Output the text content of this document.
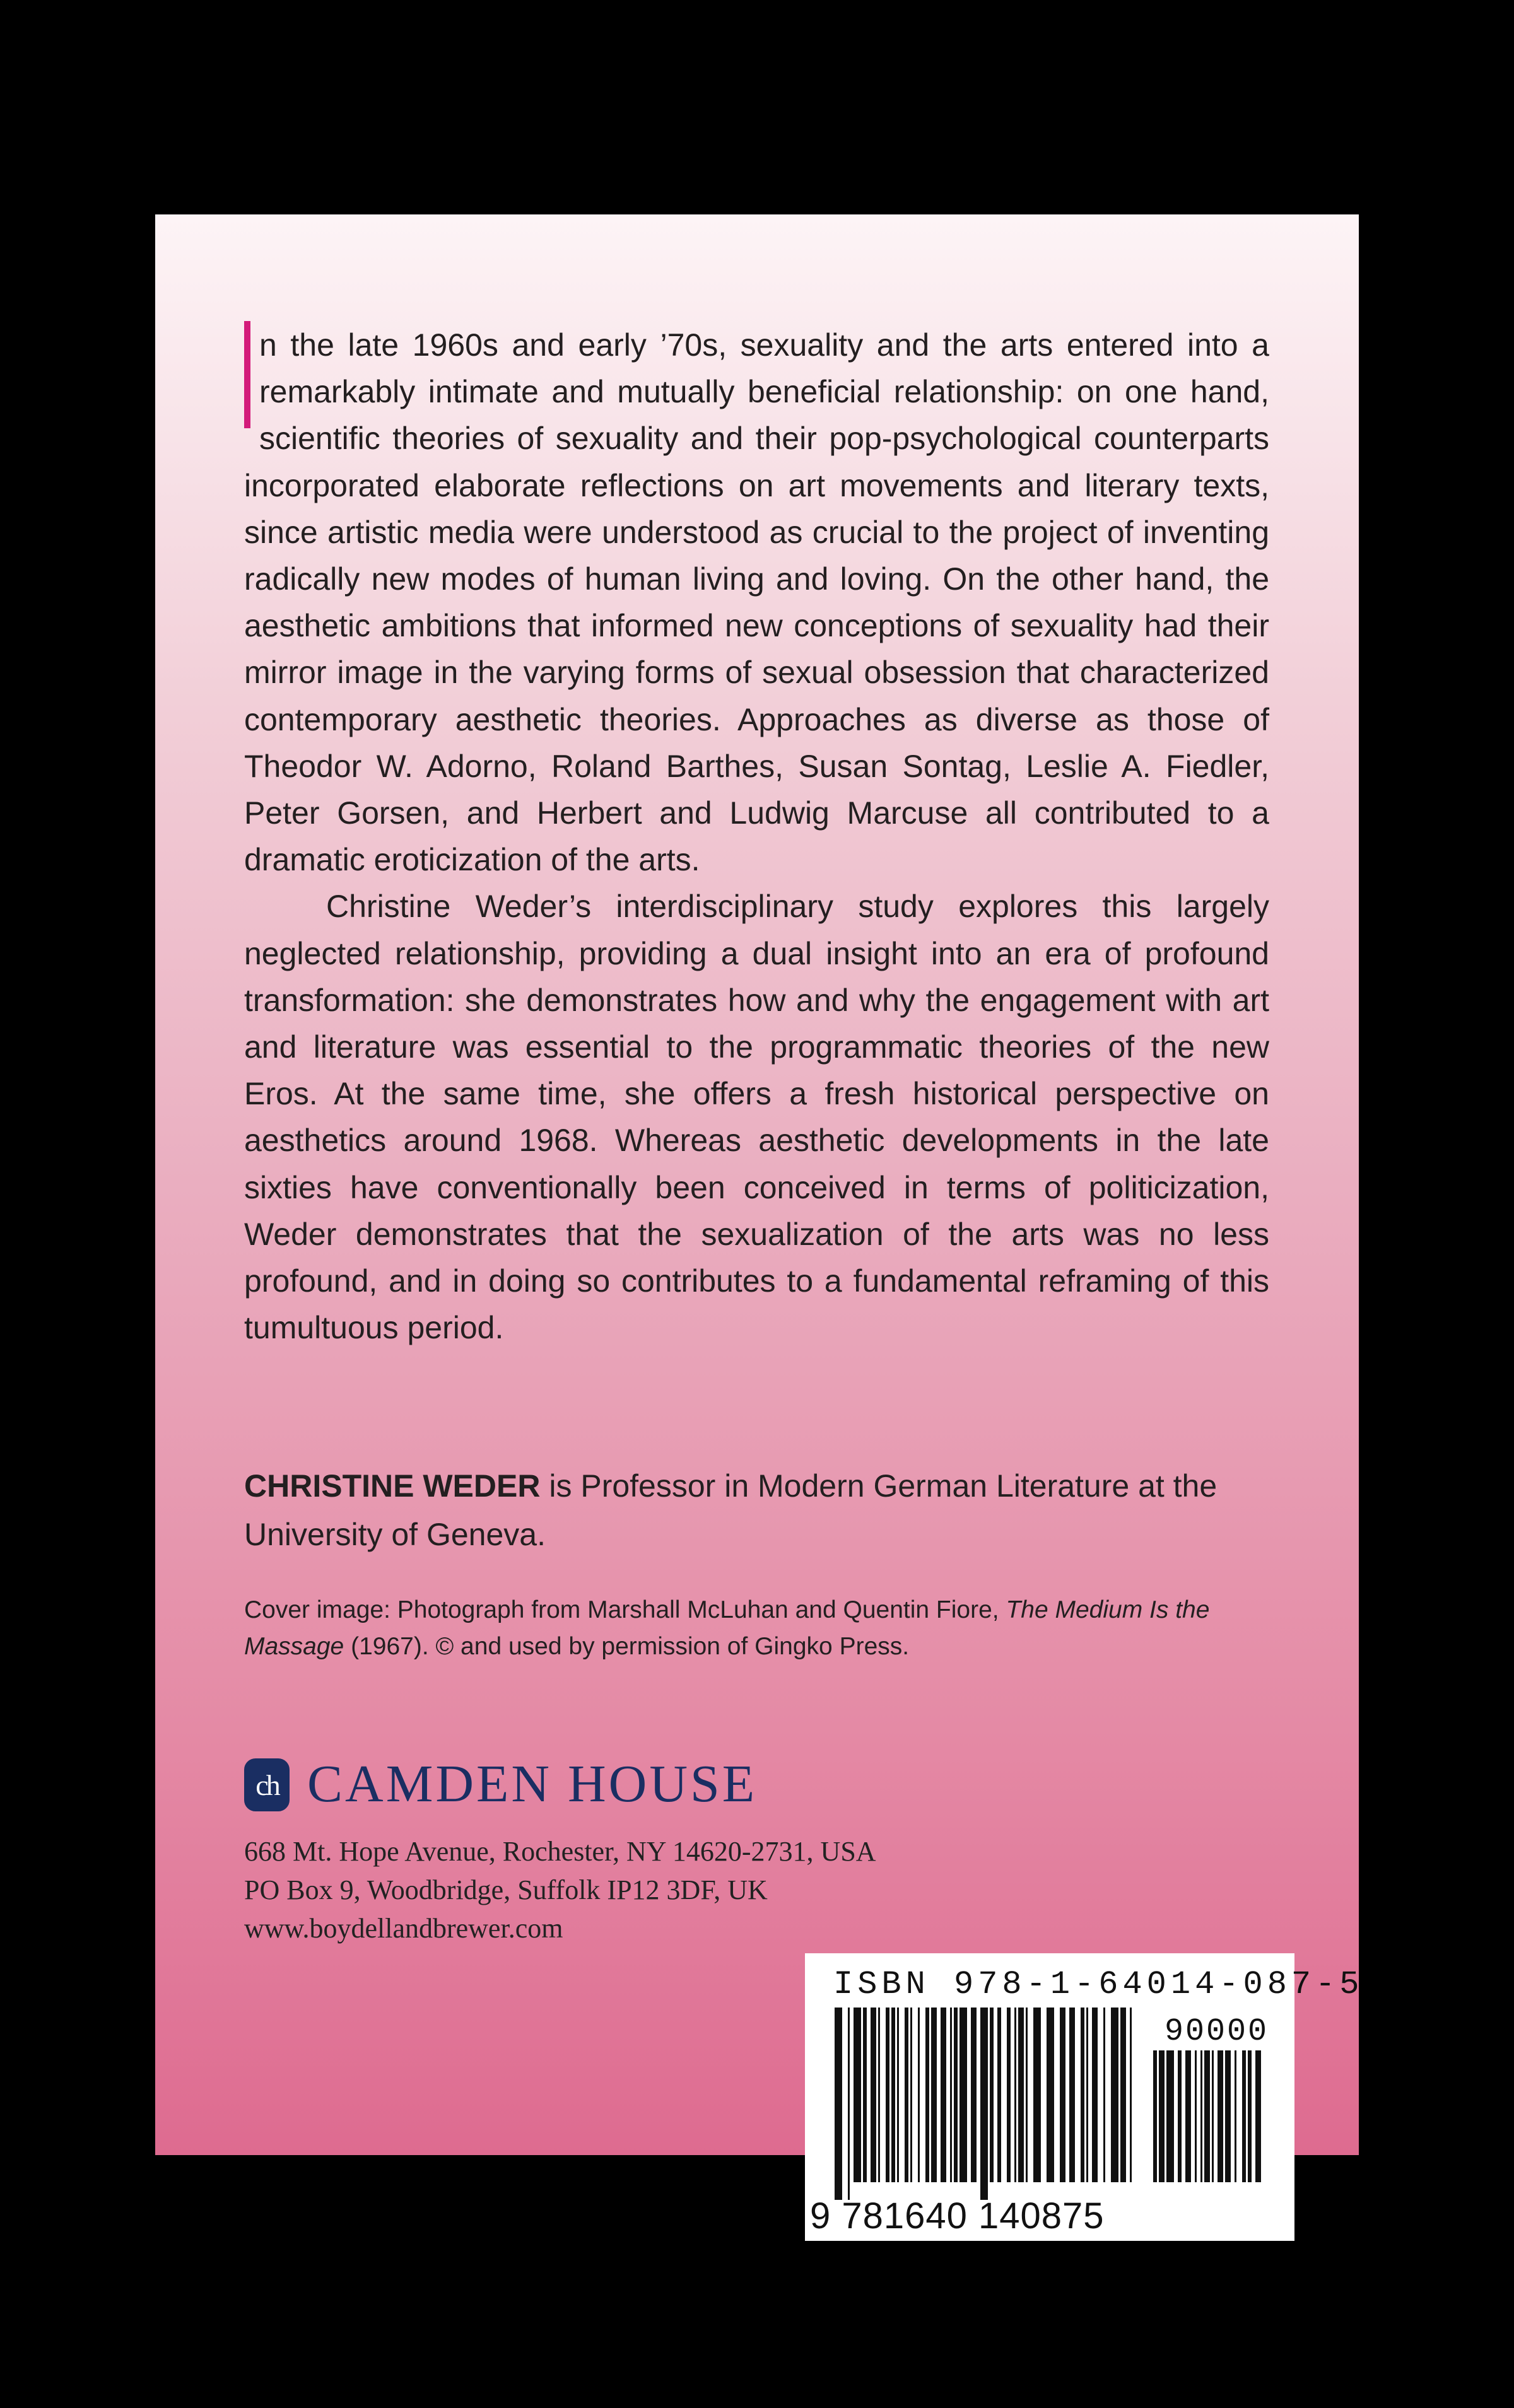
n the late 1960s and early ’70s, sexuality and the arts entered into a remarkably intimate and mutually beneficial relationship: on one hand, scientific theories of sexuality and their pop-psychological counterparts incorporated elaborate reflections on art movements and literary texts, since artistic media were understood as crucial to the project of inventing radically new modes of human living and loving. On the other hand, the aesthetic ambitions that informed new conceptions of sexuality had their mirror image in the varying forms of sexual obsession that characterized contemporary aesthetic theories. Approaches as diverse as those of Theodor W. Adorno, Roland Barthes, Susan Sontag, Leslie A. Fiedler, Peter Gorsen, and Herbert and Ludwig Marcuse all contributed to a dramatic eroticization of the arts.

Christine Weder’s interdisciplinary study explores this largely neglected relationship, providing a dual insight into an era of profound transformation: she demonstrates how and why the engagement with art and literature was essential to the programmatic theories of the new Eros. At the same time, she offers a fresh historical perspective on aesthetics around 1968. Whereas aesthetic developments in the late sixties have conventionally been conceived in terms of politicization, Weder demonstrates that the sexualization of the arts was no less profound, and in doing so contributes to a fundamental reframing of this tumultuous period.

CHRISTINE WEDER is Professor in Modern German Literature at the University of Geneva.
Cover image: Photograph from Marshall McLuhan and Quentin Fiore, The Medium Is the Massage (1967). © and used by permission of Gingko Press.
ch CAMDEN HOUSE
668 Mt. Hope Avenue, Rochester, NY 14620-2731, USA
PO Box 9, Woodbridge, Suffolk IP12 3DF, UK
www.boydellandbrewer.com
ISBN 978-1-64014-087-5
90000
9 781640 140875
